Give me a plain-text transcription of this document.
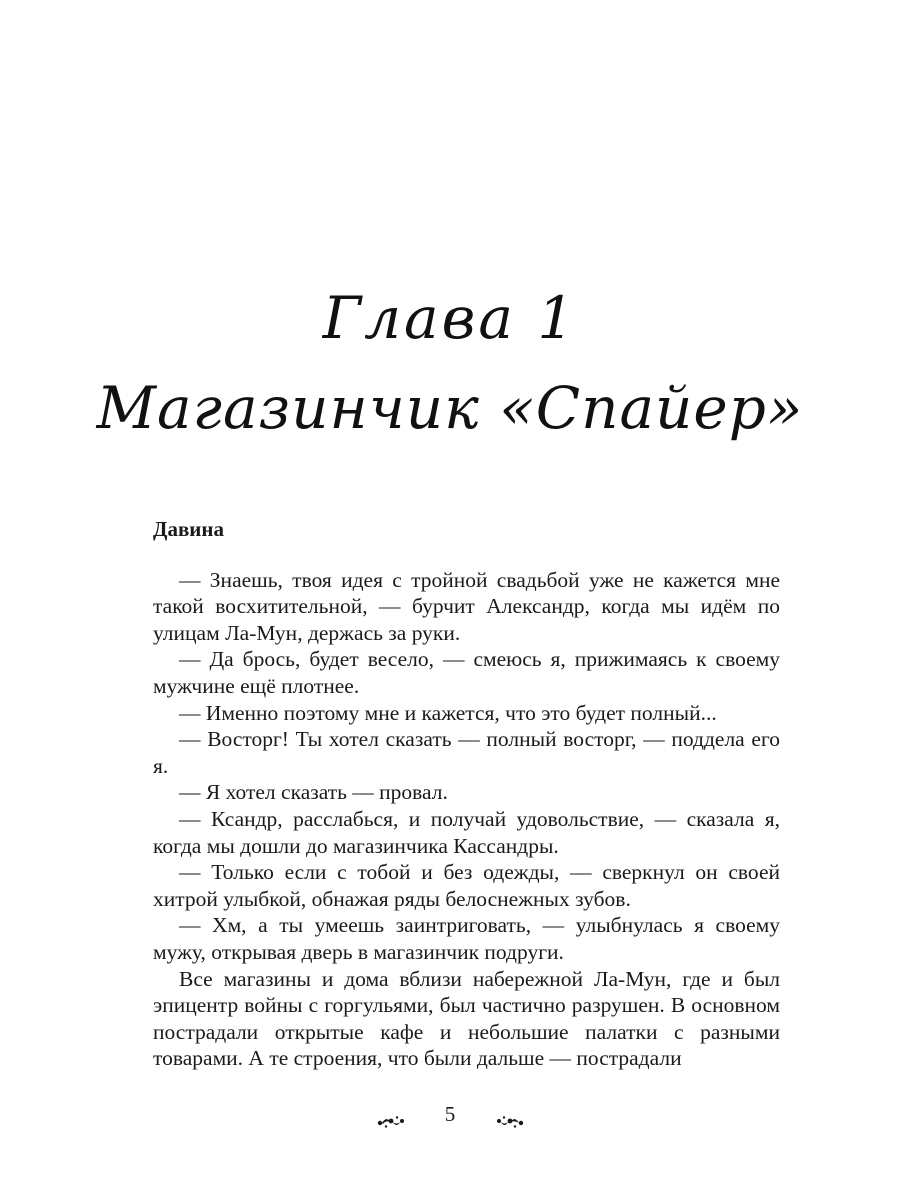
Глава 1
Магазинчик «Спайер»

Давина

— Знаешь, твоя идея с тройной свадьбой уже не кажется мне такой восхитительной, — бурчит Александр, когда мы идём по улицам Ла-Мун, держась за руки.

— Да брось, будет весело, — смеюсь я, прижимаясь к своему мужчине ещё плотнее.

— Именно поэтому мне и кажется, что это будет полный...

— Восторг! Ты хотел сказать — полный восторг, — поддела его я.

— Я хотел сказать — провал.

— Ксандр, расслабься, и получай удовольствие, — сказала я, когда мы дошли до магазинчика Кассандры.

— Только если с тобой и без одежды, — сверкнул он своей хитрой улыбкой, обнажая ряды белоснежных зубов.

— Хм, а ты умеешь заинтриговать, — улыбнулась я своему мужу, открывая дверь в магазинчик подруги.

Все магазины и дома вблизи набережной Ла-Мун, где и был эпицентр войны с горгульями, был частично разрушен. В основном пострадали открытые кафе и небольшие палатки с разными товарами. А те строения, что были дальше — пострадали

5
